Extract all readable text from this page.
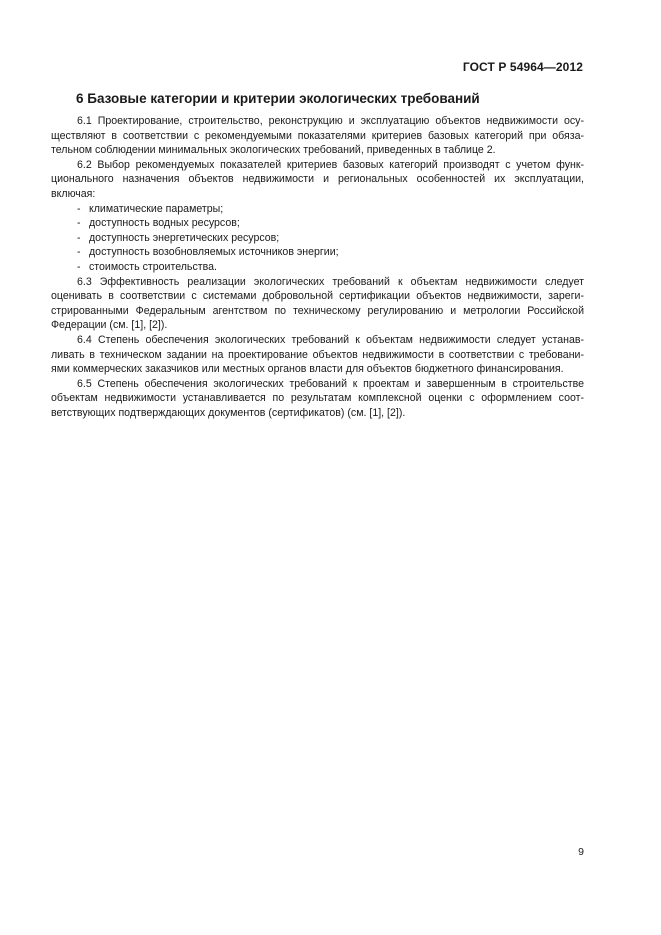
ГОСТ Р 54964—2012
6 Базовые категории и критерии экологических требований
6.1 Проектирование, строительство, реконструкцию и эксплуатацию объектов недвижимости осу-
ществляют в соответствии с рекомендуемыми показателями критериев базовых категорий при обяза-
тельном соблюдении минимальных экологических требований, приведенных в таблице 2.
6.2 Выбор рекомендуемых показателей критериев базовых категорий производят с учетом функ-
ционального назначения объектов недвижимости и региональных особенностей их эксплуатации,
включая:
- климатические параметры;
- доступность водных ресурсов;
- доступность энергетических ресурсов;
- доступность возобновляемых источников энергии;
- стоимость строительства.
6.3 Эффективность реализации экологических требований к объектам недвижимости следует
оценивать в соответствии с системами добровольной сертификации объектов недвижимости, зареги-
стрированными Федеральным агентством по техническому регулированию и метрологии Российской
Федерации (см. [1], [2]).
6.4 Степень обеспечения экологических требований к объектам недвижимости следует устанав-
ливать в техническом задании на проектирование объектов недвижимости в соответствии с требовани-
ями коммерческих заказчиков или местных органов власти для объектов бюджетного финансирования.
6.5 Степень обеспечения экологических требований к проектам и завершенным в строительстве
объектам недвижимости устанавливается по результатам комплексной оценки с оформлением соот-
ветствующих подтверждающих документов (сертификатов) (см. [1], [2]).
9
